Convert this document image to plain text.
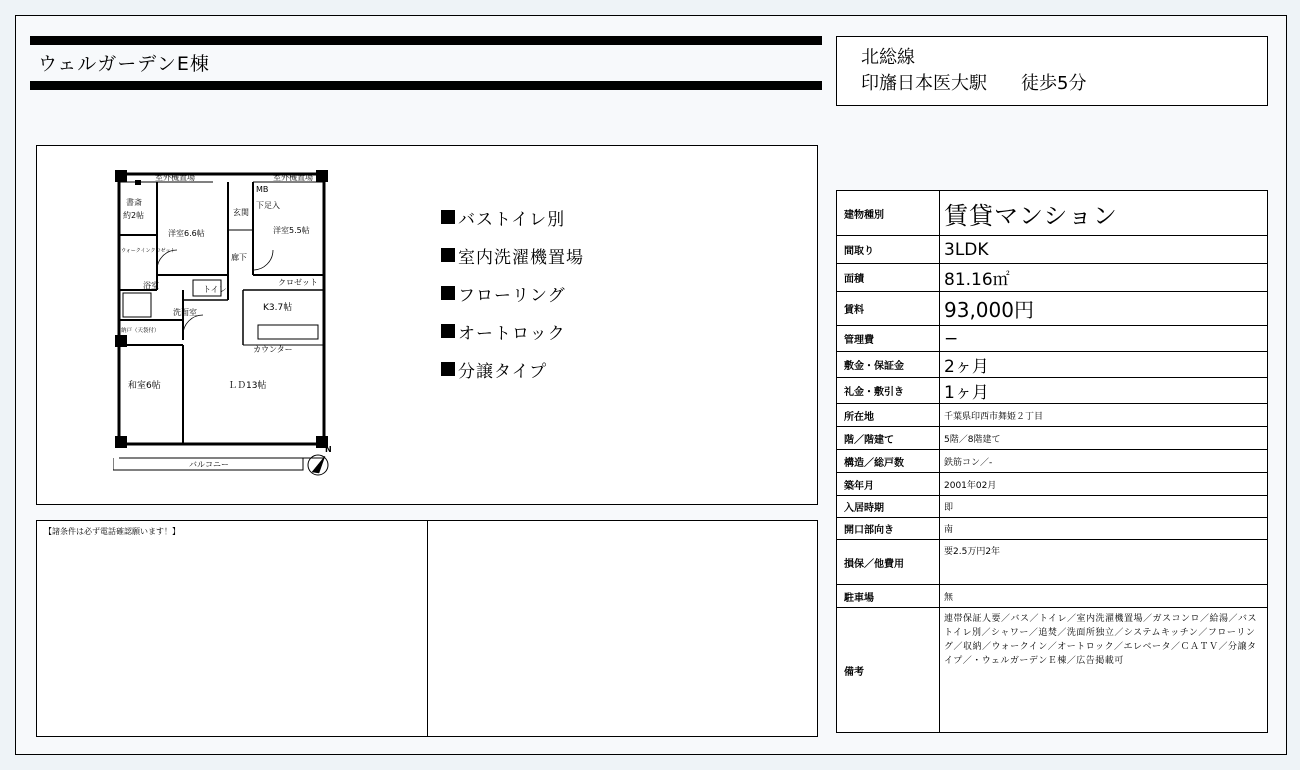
ウェルガーデンE棟	北総線
印旛日本医大駅 徒歩5分
室外機置場	室外機置場
書斎
約2帖
洋室6.6帖
玄関
MB
下足入
洋室5.5帖
ウォークインクロゼット
廊下
クロゼット
浴室	トイレ
洗面室	K3.7帖
納戸（天袋付）
カウンター
和室6帖	ＬＤ13帖
バルコニー
N
バストイレ別
室内洗濯機置場
フローリング
オートロック
分譲タイプ
【諸条件は必ず電話確認願います！】
建物種別	賃貸マンション
間取り	3LDK
面積	81.16㎡
賃料	93,000円
管理費	−
敷金・保証金	2ヶ月
礼金・敷引き	1ヶ月
所在地	千葉県印西市舞姫２丁目
階／階建て	5階／8階建て
構造／総戸数	鉄筋コン／-
築年月	2001年02月
入居時期	即
開口部向き	南
損保／他費用	要2.5万円2年
駐車場	無
備考	連帯保証人要／バス／トイレ／室内洗濯機置場／ガスコンロ／給湯／バストイレ別／シャワー／追焚／洗面所独立／システムキッチン／フローリング／収納／ウォークイン／オートロック／エレベータ／ＣＡＴＶ／分譲タイプ／・ウェルガーデンＥ棟／広告掲載可
